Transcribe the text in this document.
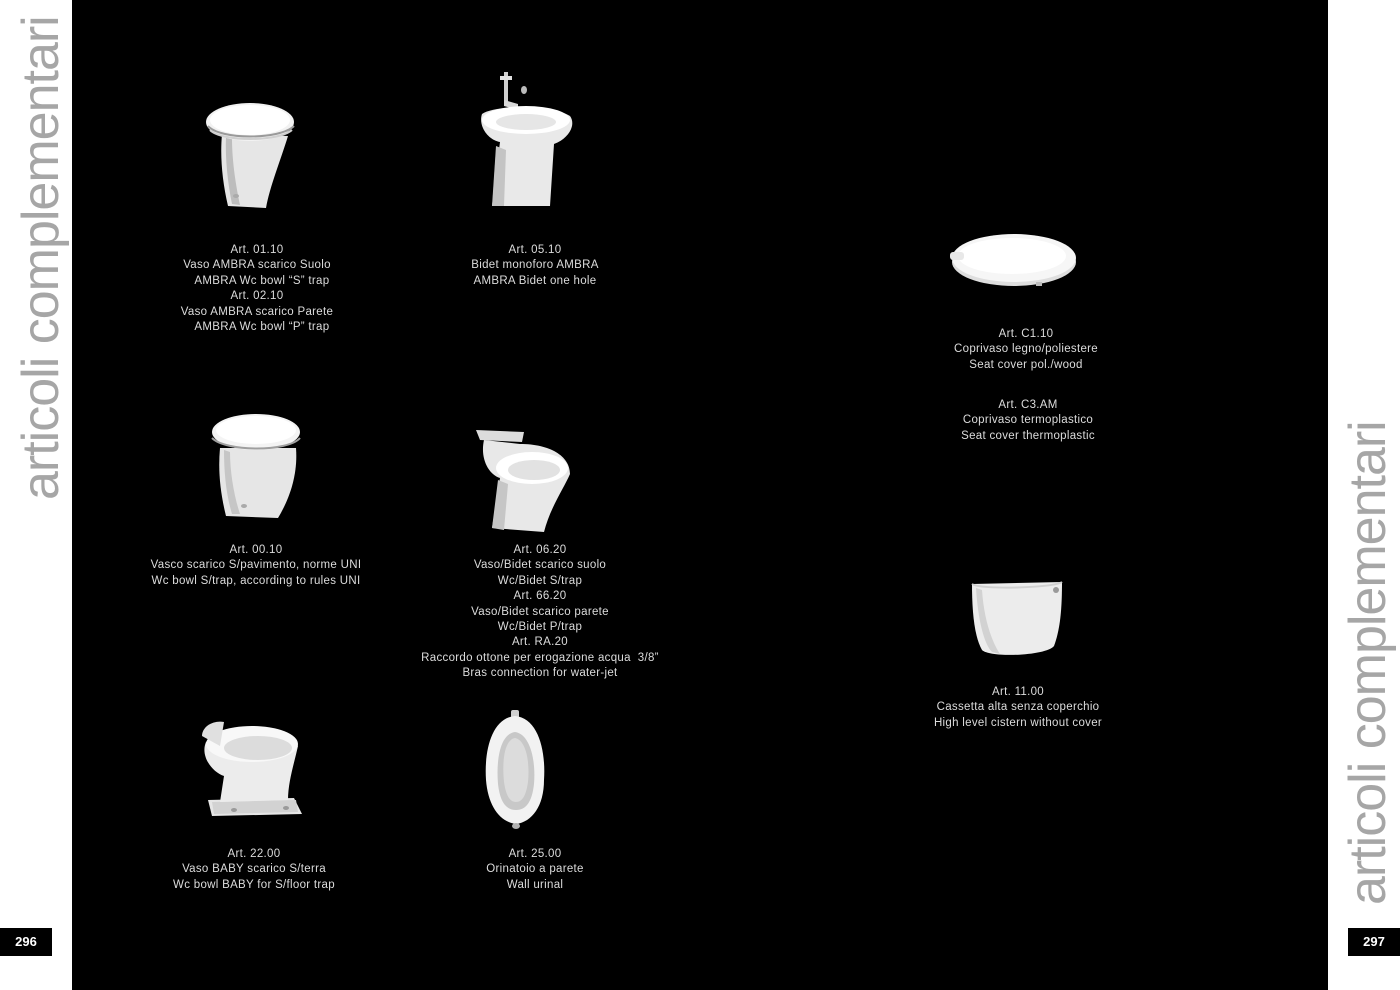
articoli complementari
articoli complementari
296	297
Art. 01.10
Vaso AMBRA scarico Suolo
AMBRA Wc bowl “S” trap
Art. 02.10
Vaso AMBRA scarico Parete
AMBRA Wc bowl “P” trap
Art. 05.10
Bidet monoforo AMBRA
AMBRA Bidet one hole
Art. 00.10
Vasco scarico S/pavimento, norme UNI
Wc bowl S/trap, according to rules UNI
Art. 06.20
Vaso/Bidet scarico suolo
Wc/Bidet S/trap
Art. 66.20
Vaso/Bidet scarico parete
Wc/Bidet P/trap
Art. RA.20
Raccordo ottone per erogazione acqua  3/8”
Bras connection for water-jet
Art. 22.00
Vaso BABY scarico S/terra
Wc bowl BABY for S/floor trap
Art. 25.00
Orinatoio a parete
Wall urinal
Art. C1.10
Coprivaso legno/poliestere
Seat cover pol./wood
Art. C3.AM
Coprivaso termoplastico
Seat cover thermoplastic
Art. 11.00
Cassetta alta senza coperchio
High level cistern without cover
